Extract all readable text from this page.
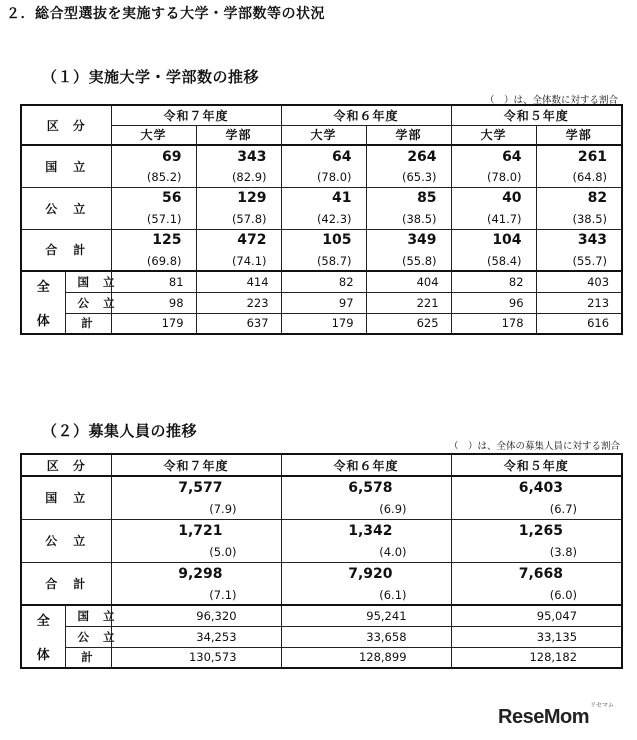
２．総合型選抜を実施する大学・学部数等の状況
（１）実施大学・学部数の推移
（　）は、全体数に対する割合
区　分		令和７年度		令和６年度		令和５年度	
		大学	学部	大学	学部	大学	学部
国立		69	343	64	264	64	261
		(85.2)	(82.9)	(78.0)	(65.3)	(78.0)	(64.8)
公立		56	129	41	85	40	82
		(57.1)	(57.8)	(42.3)	(38.5)	(41.7)	(38.5)
合計		125	472	105	349	104	343
		(69.8)	(74.1)	(58.7)	(55.8)	(58.4)	(55.7)
全

体	国立	81	414	82	404	82	403
	公立	98	223	97	221	96	213
	計	179	637	179	625	178	616
（２）募集人員の推移
（　）は、全体の募集人員に対する割合
区　分		令和７年度	令和６年度	令和５年度
国立		7,577	6,578	6,403
		(7.9)	(6.9)	(6.7)
公立		1,721	1,342	1,265
		(5.0)	(4.0)	(3.8)
合計		9,298	7,920	7,668
		(7.1)	(6.1)	(6.0)
全

体	国立	96,320	95,241	95,047
	公立	34,253	33,658	33,135
	計	130,573	128,899	128,182
リセマム
ReseMom
